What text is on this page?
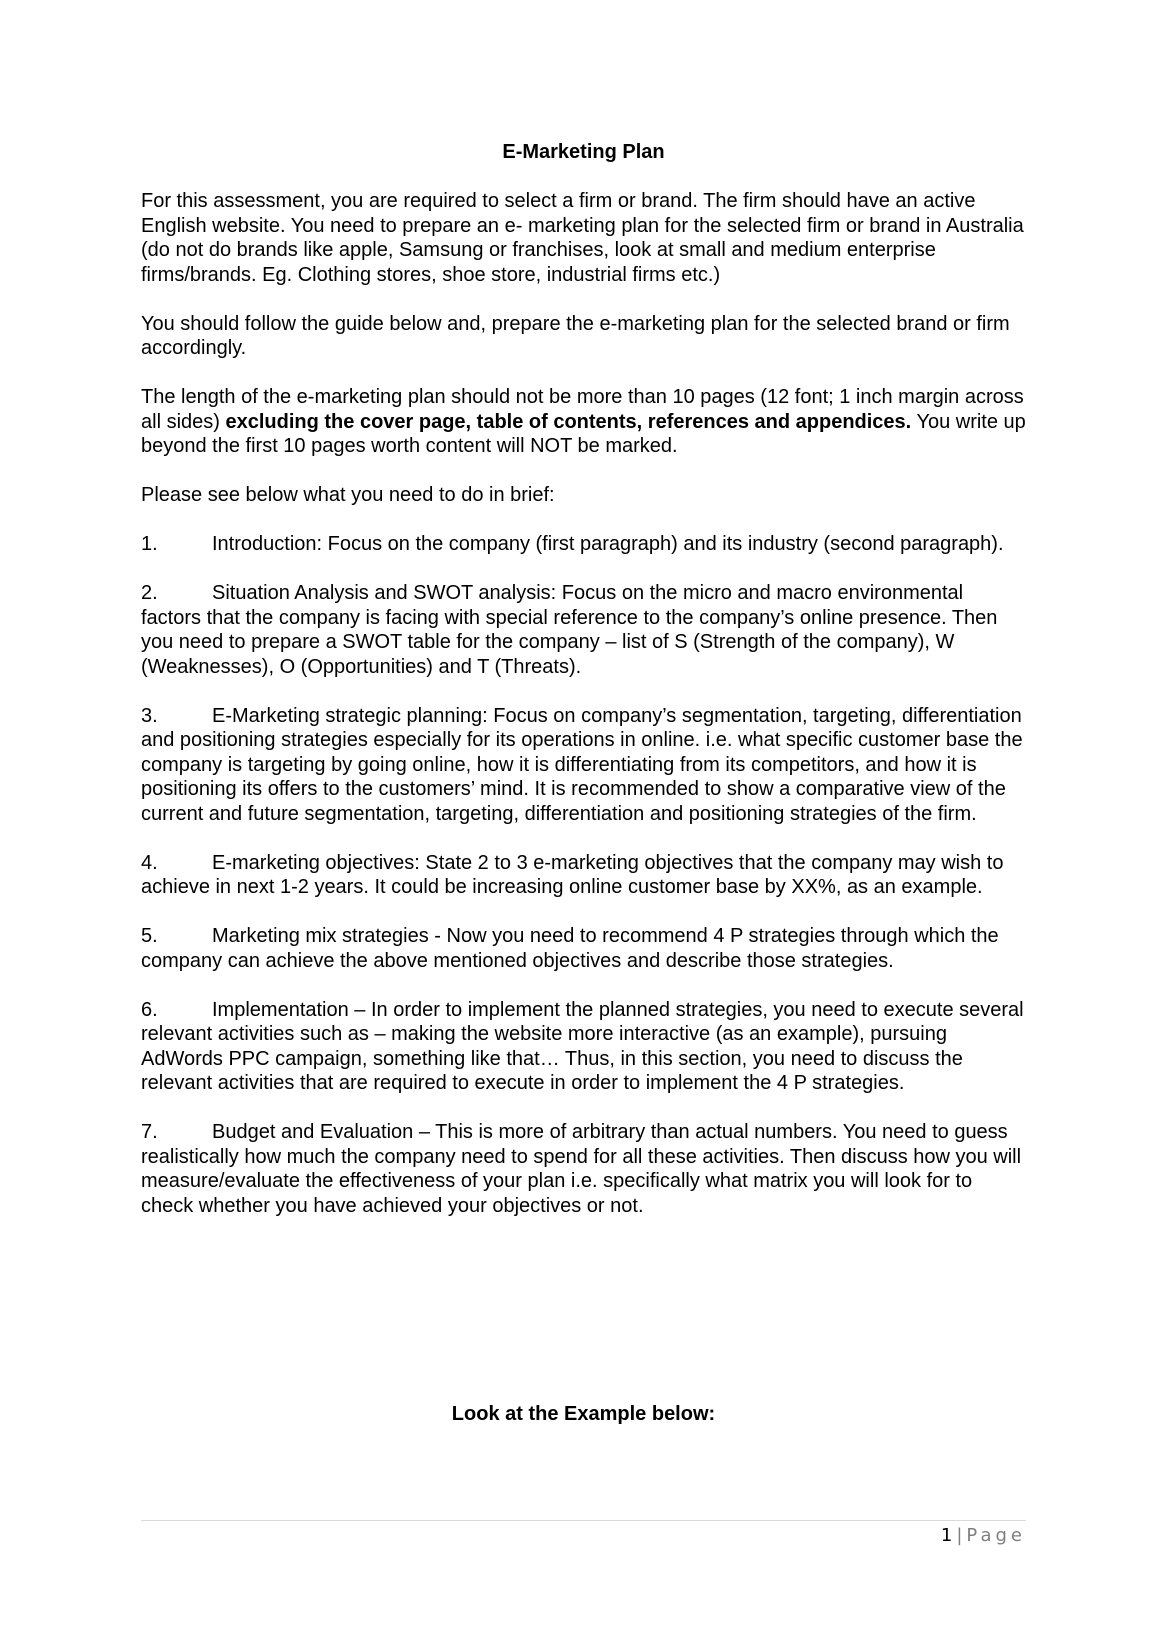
E-Marketing Plan

For this assessment, you are required to select a firm or brand. The firm should have an active English website. You need to prepare an e- marketing plan for the selected firm or brand in Australia (do not do brands like apple, Samsung or franchises, look at small and medium enterprise firms/brands. Eg. Clothing stores, shoe store, industrial firms etc.)

You should follow the guide below and, prepare the e-marketing plan for the selected brand or firm accordingly.

The length of the e-marketing plan should not be more than 10 pages (12 font; 1 inch margin across all sides) excluding the cover page, table of contents, references and appendices. You write up beyond the first 10 pages worth content will NOT be marked.

Please see below what you need to do in brief:

1.	Introduction: Focus on the company (first paragraph) and its industry (second paragraph).

2.	Situation Analysis and SWOT analysis: Focus on the micro and macro environmental factors that the company is facing with special reference to the company’s online presence. Then you need to prepare a SWOT table for the company – list of S (Strength of the company), W (Weaknesses), O (Opportunities) and T (Threats).

3.	E-Marketing strategic planning: Focus on company’s segmentation, targeting, differentiation and positioning strategies especially for its operations in online. i.e. what specific customer base the company is targeting by going online, how it is differentiating from its competitors, and how it is positioning its offers to the customers’ mind. It is recommended to show a comparative view of the current and future segmentation, targeting, differentiation and positioning strategies of the firm.

4.	E-marketing objectives: State 2 to 3 e-marketing objectives that the company may wish to achieve in next 1-2 years. It could be increasing online customer base by XX%, as an example.

5.	Marketing mix strategies - Now you need to recommend 4 P strategies through which the company can achieve the above mentioned objectives and describe those strategies.

6.	Implementation – In order to implement the planned strategies, you need to execute several relevant activities such as – making the website more interactive (as an example), pursuing AdWords PPC campaign, something like that… Thus, in this section, you need to discuss the relevant activities that are required to execute in order to implement the 4 P strategies.

7.	Budget and Evaluation – This is more of arbitrary than actual numbers. You need to guess realistically how much the company need to spend for all these activities. Then discuss how you will measure/evaluate the effectiveness of your plan i.e. specifically what matrix you will look for to check whether you have achieved your objectives or not.

Look at the Example below:
1 | Page
